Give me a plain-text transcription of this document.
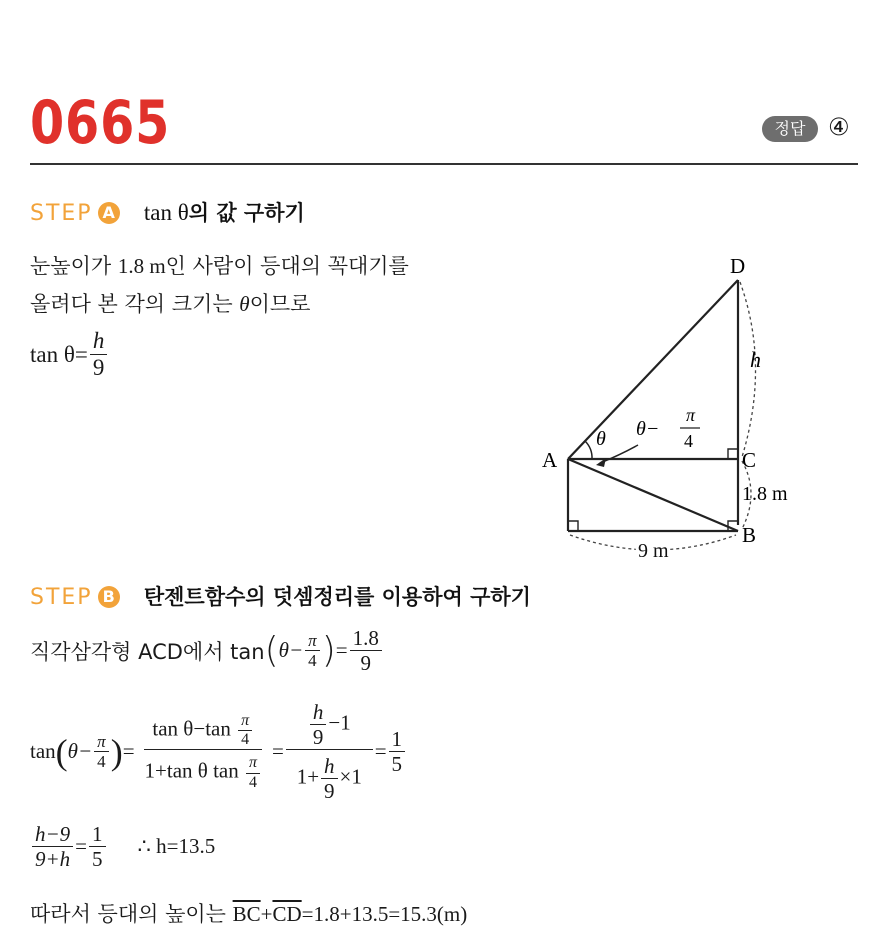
0665	정답 ④
STEP A tan θ의 값 구하기
눈높이가 1.8 m인 사람이 등대의 꼭대기를
올려다 본 각의 크기는 θ이므로
$\tan \theta= \frac{h}{9}$
D
A
B
C
h
θ θ−
π
4
1.8 m
9 m
STEP B 탄젠트함수의 덧셈정리를 이용하여 구하기
직각삼각형 ACD에서 tan ( $\theta- \frac{\pi}{4}$ ) = $\frac{1.8}{9}$
tan ( $\theta- \frac{\pi}{4}$ ) = $\frac{\tan \theta-\tan \frac{\pi}{4}}{1+\tan \theta \tan \frac{\pi}{4}} = \frac{\frac{h}{9} -1}{1+ \frac{h}{9} \times 1} = \frac{1}{5}$
$\frac{h-9}{9+h} = \frac{1}{5}$ ∴ h=13.5
따라서 등대의 높이는 $\overline{BC}+\overline{CD}=1.8+13.5=15.3(m)$
